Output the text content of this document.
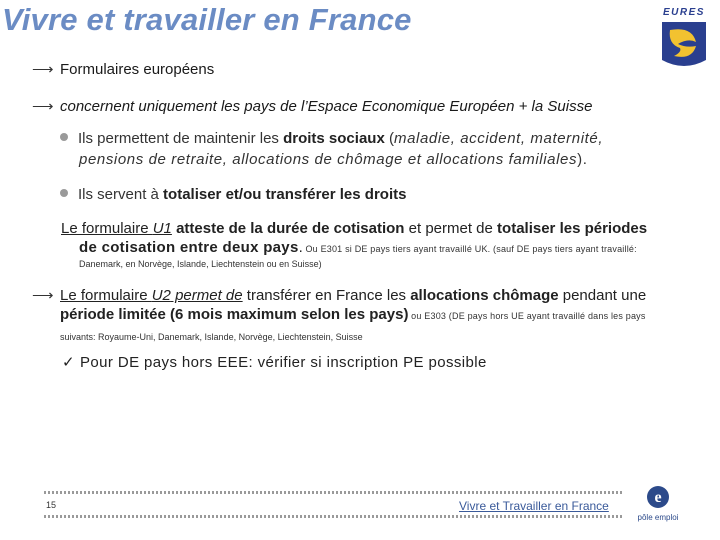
Vivre et travailler en France	EURES
⟶ Formulaires européens
⟶ concernent uniquement les pays de l’Espace Economique Européen + la Suisse
Ils permettent de maintenir les droits sociaux (maladie, accident, maternité,
pensions de retraite, allocations de chômage et allocations familiales).
Ils servent à totaliser et/ou transférer les droits
Le formulaire U1 atteste de la durée de cotisation et permet de totaliser les périodes
de cotisation entre deux pays. Ou E301 si DE pays tiers ayant travaillé UK. (sauf DE pays tiers ayant travaillé:
Danemark, en Norvège, Islande, Liechtenstein ou en Suisse)
⟶ Le formulaire U2 permet de transférer en France les allocations chômage pendant une
période limitée (6 mois maximum selon les pays) ou E303 (DE pays hors UE ayant travaillé dans les pays
suivants: Royaume-Uni, Danemark, Islande, Norvège, Liechtenstein, Suisse
✓ Pour DE pays hors EEE: vérifier si inscription PE possible
15	Vivre et Travailler en France	e
pôle emploi
